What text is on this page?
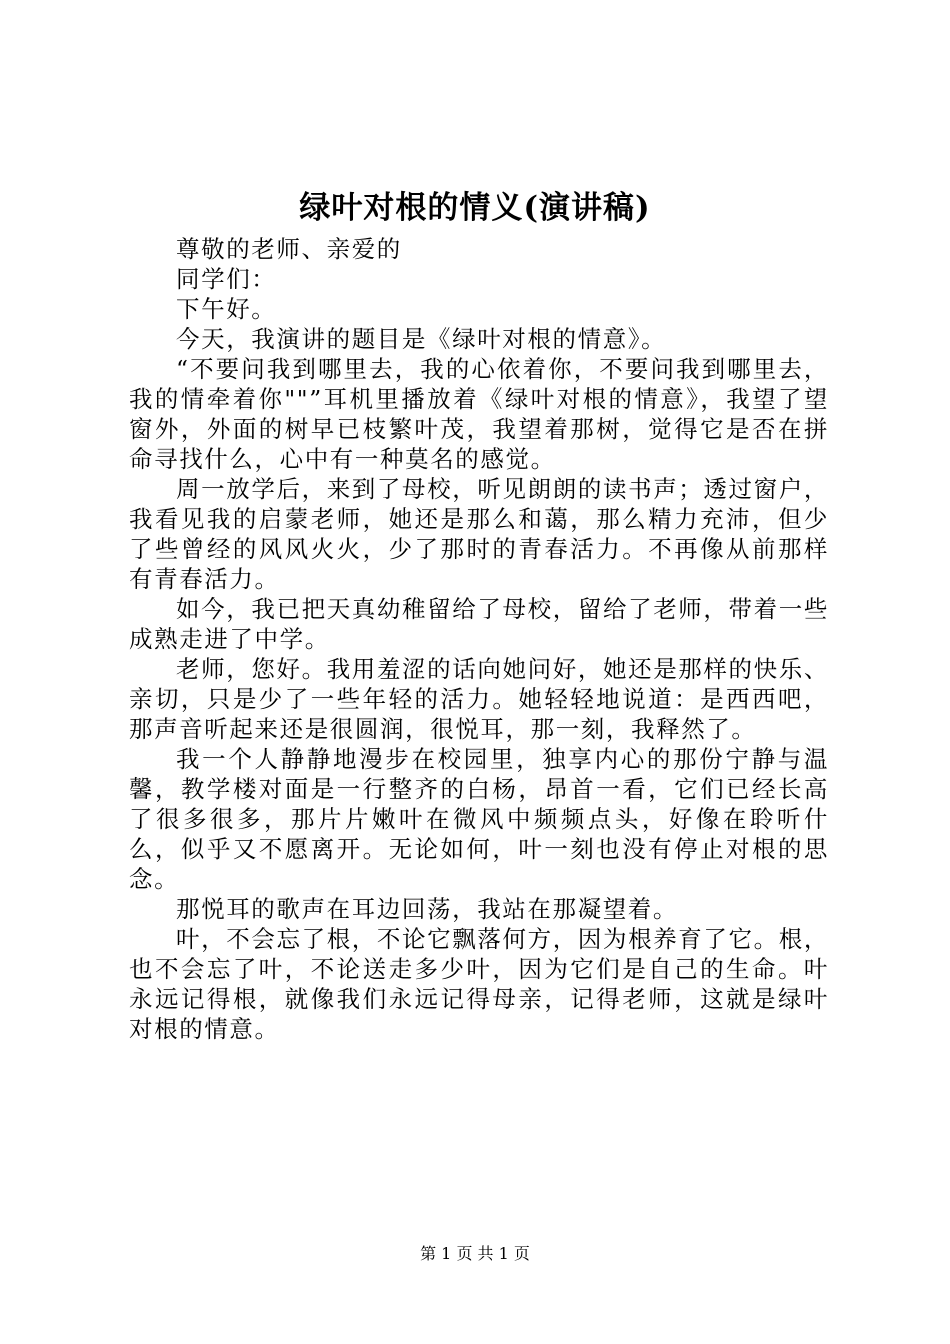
绿叶对根的情义(演讲稿)

尊敬的老师、亲爱的

同学们：

下午好。

今天，我演讲的题目是《绿叶对根的情意》。

“不要问我到哪里去，我的心依着你，不要问我到哪里去，我的情牵着你""”耳机里播放着《绿叶对根的情意》，我望了望窗外，外面的树早已枝繁叶茂，我望着那树，觉得它是否在拼命寻找什么，心中有一种莫名的感觉。

周一放学后，来到了母校，听见朗朗的读书声；透过窗户，我看见我的启蒙老师，她还是那么和蔼，那么精力充沛，但少了些曾经的风风火火，少了那时的青春活力。不再像从前那样有青春活力。

如今，我已把天真幼稚留给了母校，留给了老师，带着一些成熟走进了中学。

老师，您好。我用羞涩的话向她问好，她还是那样的快乐、亲切，只是少了一些年轻的活力。她轻轻地说道：是西西吧，那声音听起来还是很圆润，很悦耳，那一刻，我释然了。

我一个人静静地漫步在校园里，独享内心的那份宁静与温馨，教学楼对面是一行整齐的白杨，昂首一看，它们已经长高了很多很多，那片片嫩叶在微风中频频点头，好像在聆听什么，似乎又不愿离开。无论如何，叶一刻也没有停止对根的思念。

那悦耳的歌声在耳边回荡，我站在那凝望着。

叶，不会忘了根，不论它飘落何方，因为根养育了它。根，也不会忘了叶，不论送走多少叶，因为它们是自己的生命。叶永远记得根，就像我们永远记得母亲，记得老师，这就是绿叶对根的情意。

第 1 页 共 1 页
